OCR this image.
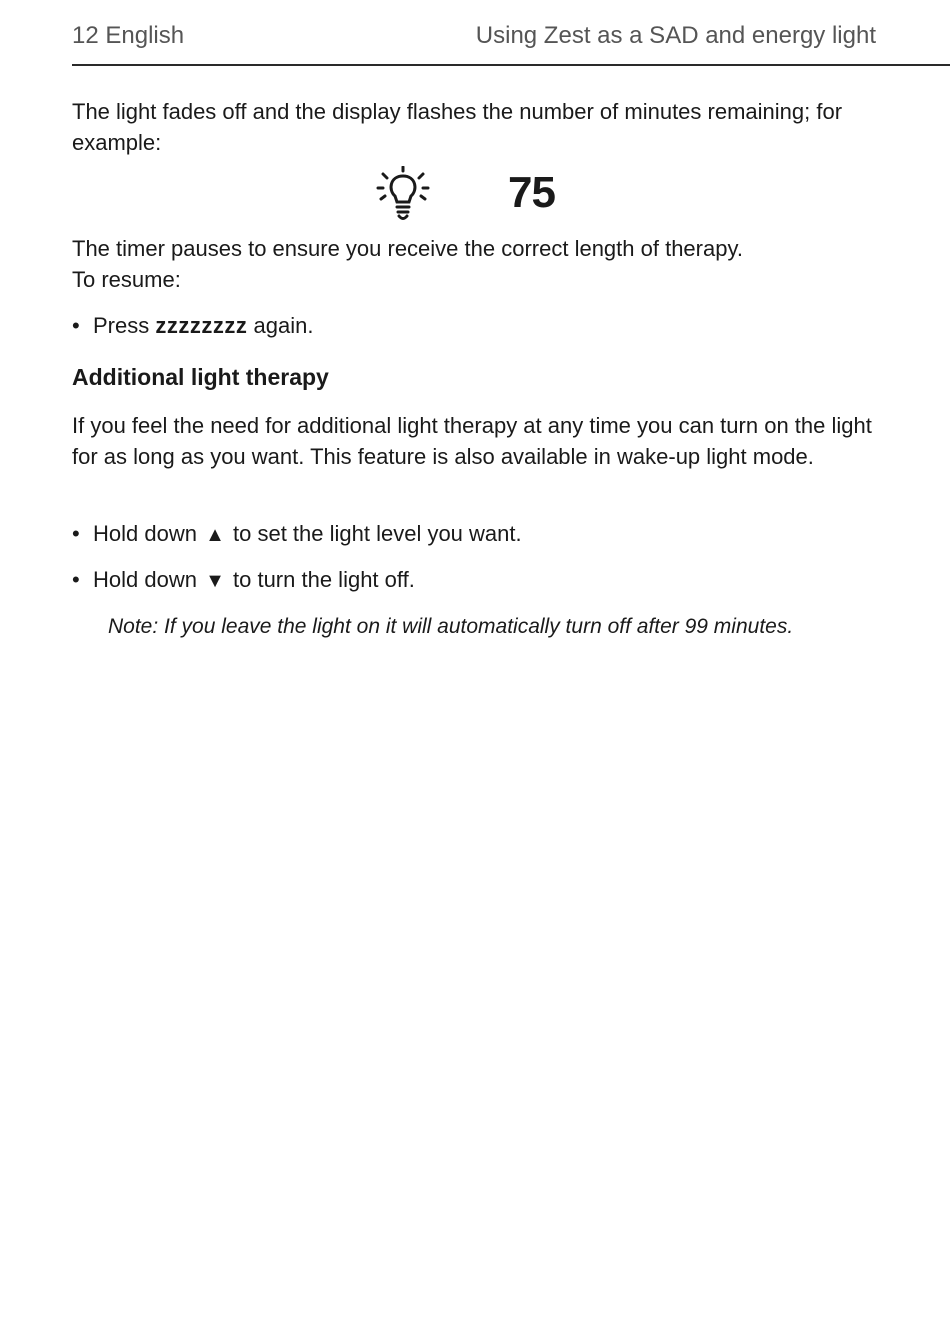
12 English	Using Zest as a SAD and energy light

The light fades off and the display flashes the number of minutes remaining; for example:

75

The timer pauses to ensure you receive the correct length of therapy.
To resume:

• Press zzzzzzzz again.
Additional light therapy

If you feel the need for additional light therapy at any time you can turn on the light for as long as you want. This feature is also available in wake-up light mode.

• Hold down ▲ to set the light level you want.
• Hold down ▼ to turn the light off.
Note: If you leave the light on it will automatically turn off after 99 minutes.
